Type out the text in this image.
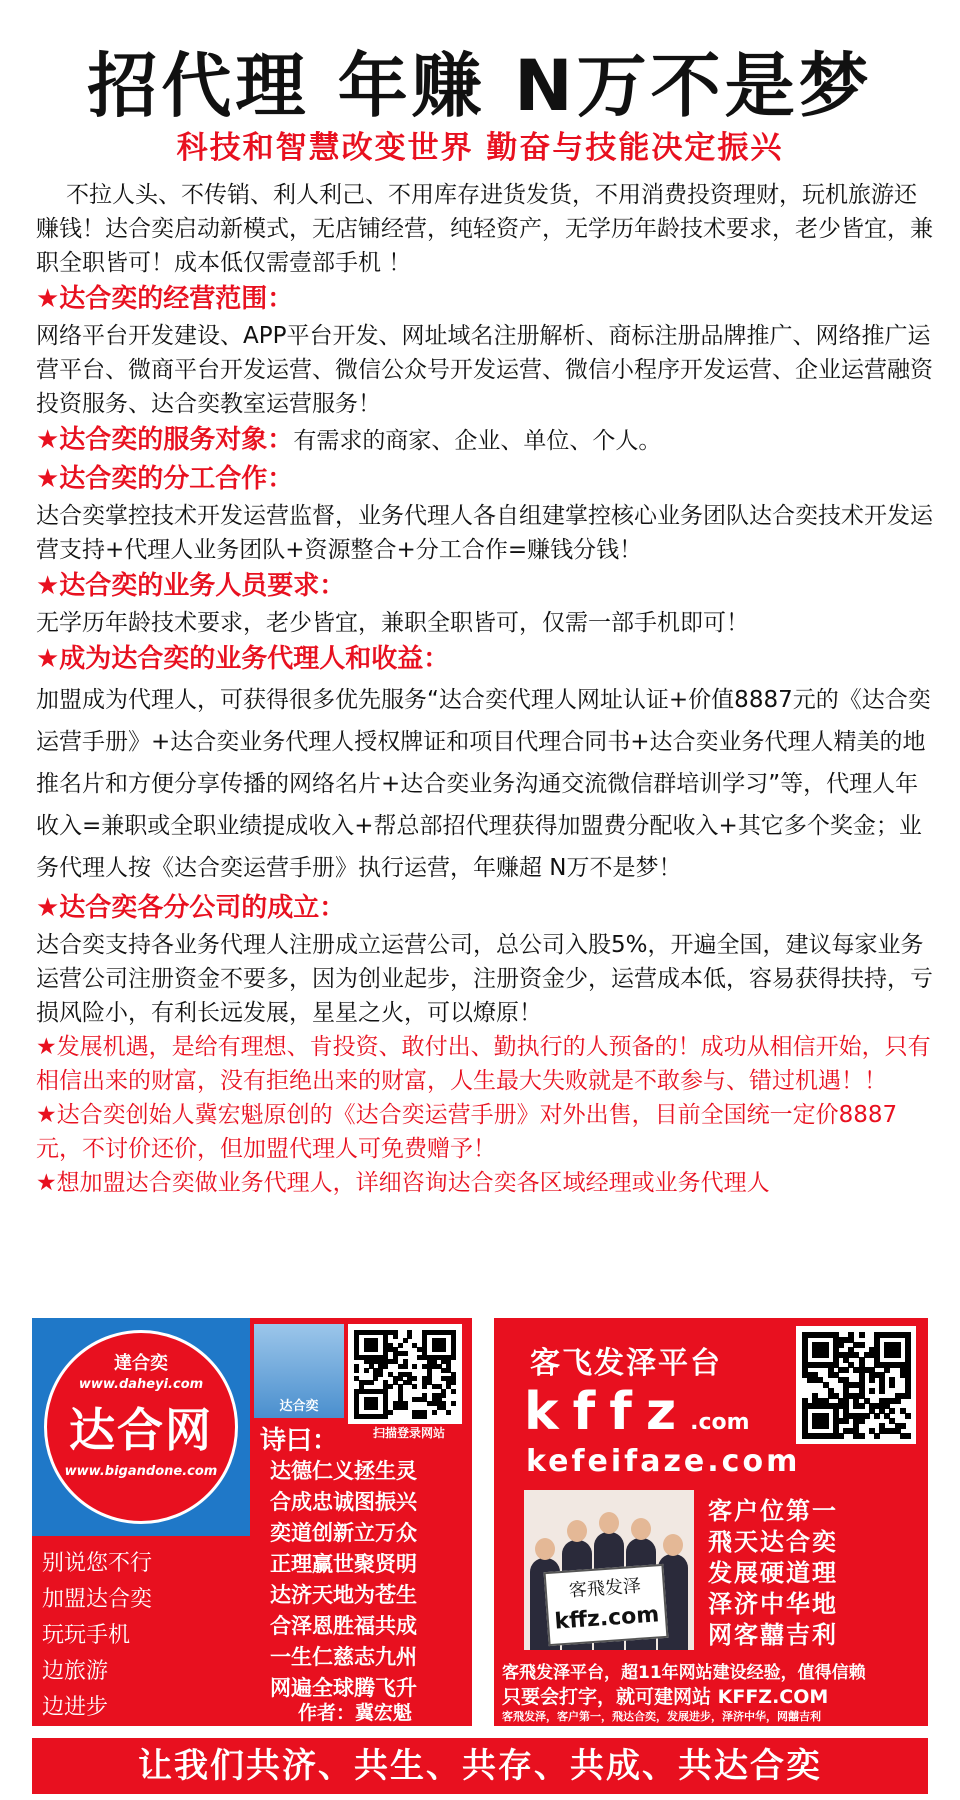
招代理 年赚 N万不是梦
科技和智慧改变世界 勤奋与技能决定振兴
不拉人头、不传销、利人利己、不用库存进货发货，不用消费投资理财，玩机旅游还赚钱！达合奕启动新模式，无店铺经营，纯轻资产，无学历年龄技术要求，老少皆宜，兼职全职皆可！成本低仅需壹部手机 ！
★达合奕的经营范围：
网络平台开发建设、APP平台开发、网址域名注册解析、商标注册品牌推广、网络推广运营平台、微商平台开发运营、微信公众号开发运营、微信小程序开发运营、企业运营融资投资服务、达合奕教室运营服务！
★达合奕的服务对象：有需求的商家、企业、单位、个人。
★达合奕的分工合作：
达合奕掌控技术开发运营监督，业务代理人各自组建掌控核心业务团队达合奕技术开发运营支持+代理人业务团队+资源整合+分工合作=赚钱分钱！
★达合奕的业务人员要求：
无学历年龄技术要求，老少皆宜，兼职全职皆可，仅需一部手机即可！
★成为达合奕的业务代理人和收益：
加盟成为代理人，可获得很多优先服务“达合奕代理人网址认证+价值8887元的《达合奕运营手册》+达合奕业务代理人授权牌证和项目代理合同书+达合奕业务代理人精美的地推名片和方便分享传播的网络名片+达合奕业务沟通交流微信群培训学习”等，代理人年收入=兼职或全职业绩提成收入+帮总部招代理获得加盟费分配收入+其它多个奖金；业务代理人按《达合奕运营手册》执行运营，年赚超 N万不是梦！
★达合奕各分公司的成立：
达合奕支持各业务代理人注册成立运营公司，总公司入股5%，开遍全国，建议每家业务运营公司注册资金不要多，因为创业起步，注册资金少，运营成本低，容易获得扶持，亏损风险小，有利长远发展，星星之火，可以燎原！
★发展机遇，是给有理想、肯投资、敢付出、勤执行的人预备的！成功从相信开始，只有相信出来的财富，没有拒绝出来的财富，人生最大失败就是不敢参与、错过机遇！！
★达合奕创始人冀宏魁原创的《达合奕运营手册》对外出售，目前全国统一定价8887元，不讨价还价，但加盟代理人可免费赠予！
★想加盟达合奕做业务代理人，详细咨询达合奕各区域经理或业务代理人
達合奕
www.daheyi.com
达合网
www.bigandone.com
达合奕
扫描登录网站
诗曰：
达德仁义拯生灵
合成忠诚图振兴
奕道创新立万众
正理赢世聚贤明
达济天地为苍生
合泽恩胜福共成
一生仁慈志九州
网遍全球腾飞升
作者：冀宏魁
别说您不行
加盟达合奕
玩玩手机
边旅游
边进步
客飞发泽平台
kffz.com
kefeifaze.com
客飛发泽
kffz.com
客户位第一
飛天达合奕
发展硬道理
泽济中华地
网客囍吉利
客飛发泽平台，超11年网站建设经验，值得信赖
只要会打字，就可建网站 KFFZ.COM
客飛发泽，客户第一，飛达合奕，发展进步，泽济中华，网囍吉利
让我们共济、共生、共存、共成、共达合奕
